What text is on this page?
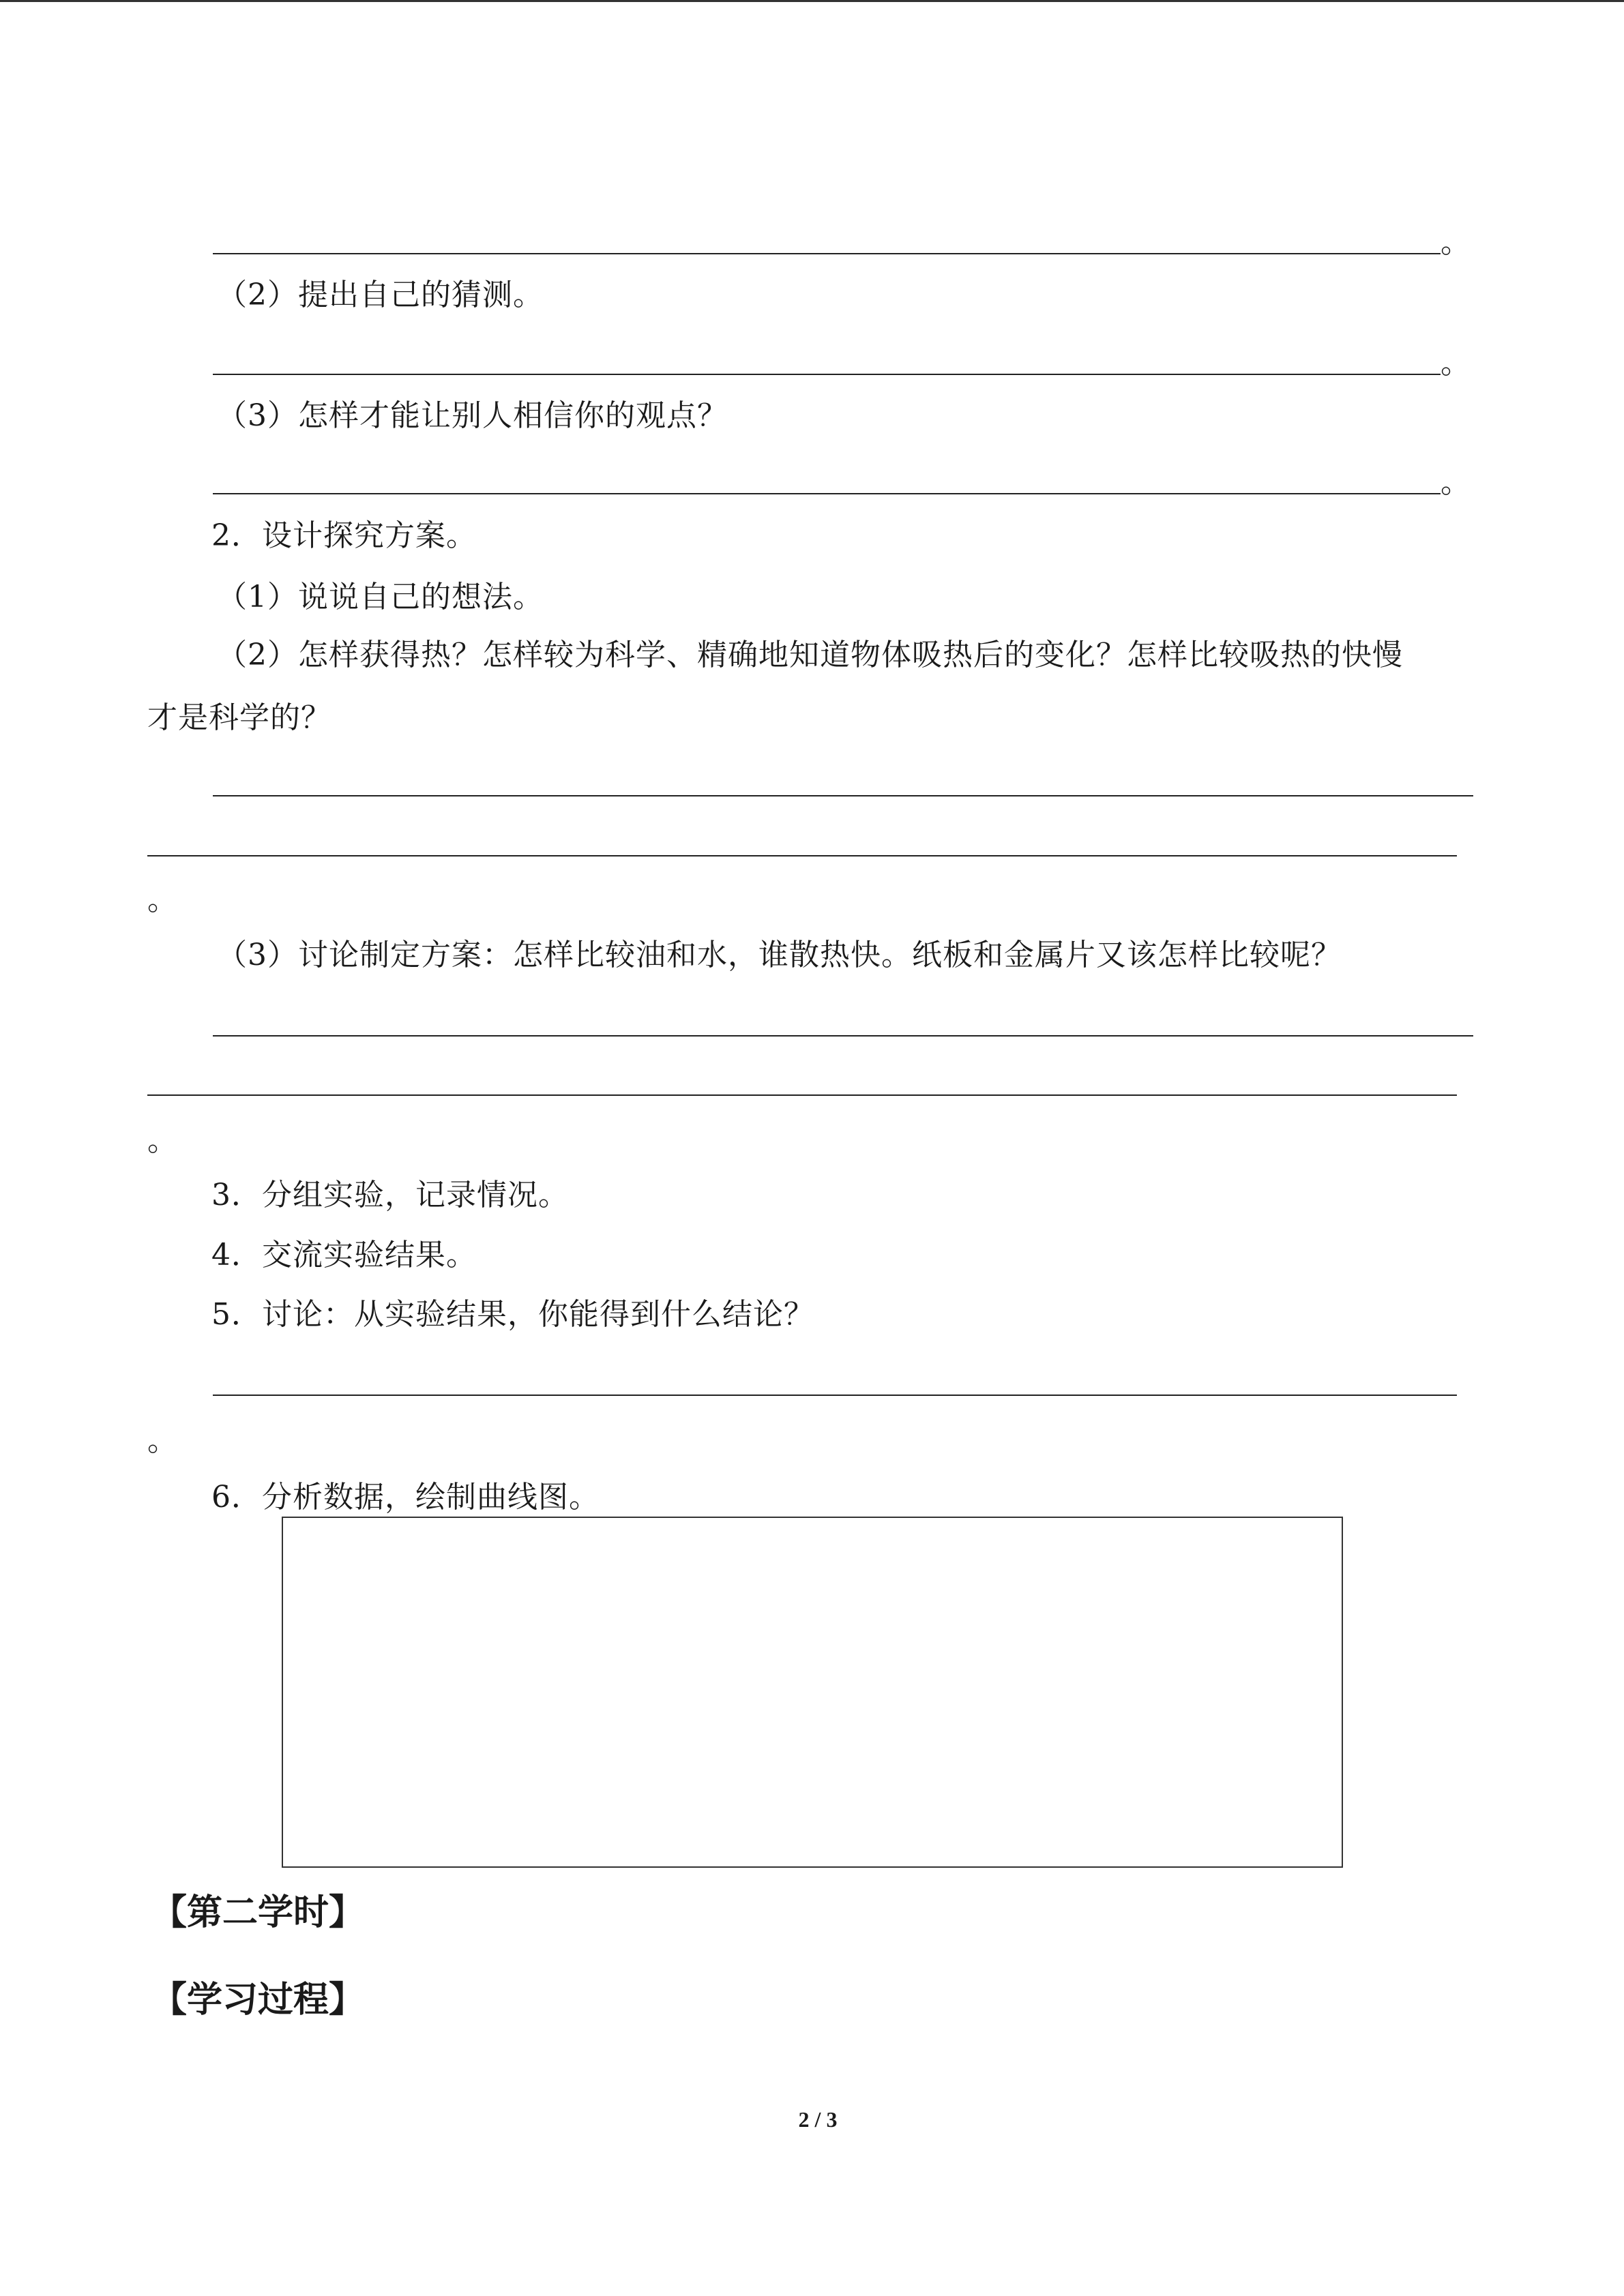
。
（2）提出自己的猜测。
。
（3）怎样才能让别人相信你的观点？
。
2．设计探究方案。
（1）说说自己的想法。
（2）怎样获得热？怎样较为科学、精确地知道物体吸热后的变化？怎样比较吸热的快慢
才是科学的？
。
（3）讨论制定方案：怎样比较油和水，谁散热快。纸板和金属片又该怎样比较呢？
。
3．分组实验，记录情况。
4．交流实验结果。
5．讨论：从实验结果，你能得到什么结论？
。
6．分析数据，绘制曲线图。
【第二学时】
【学习过程】
2 / 3
